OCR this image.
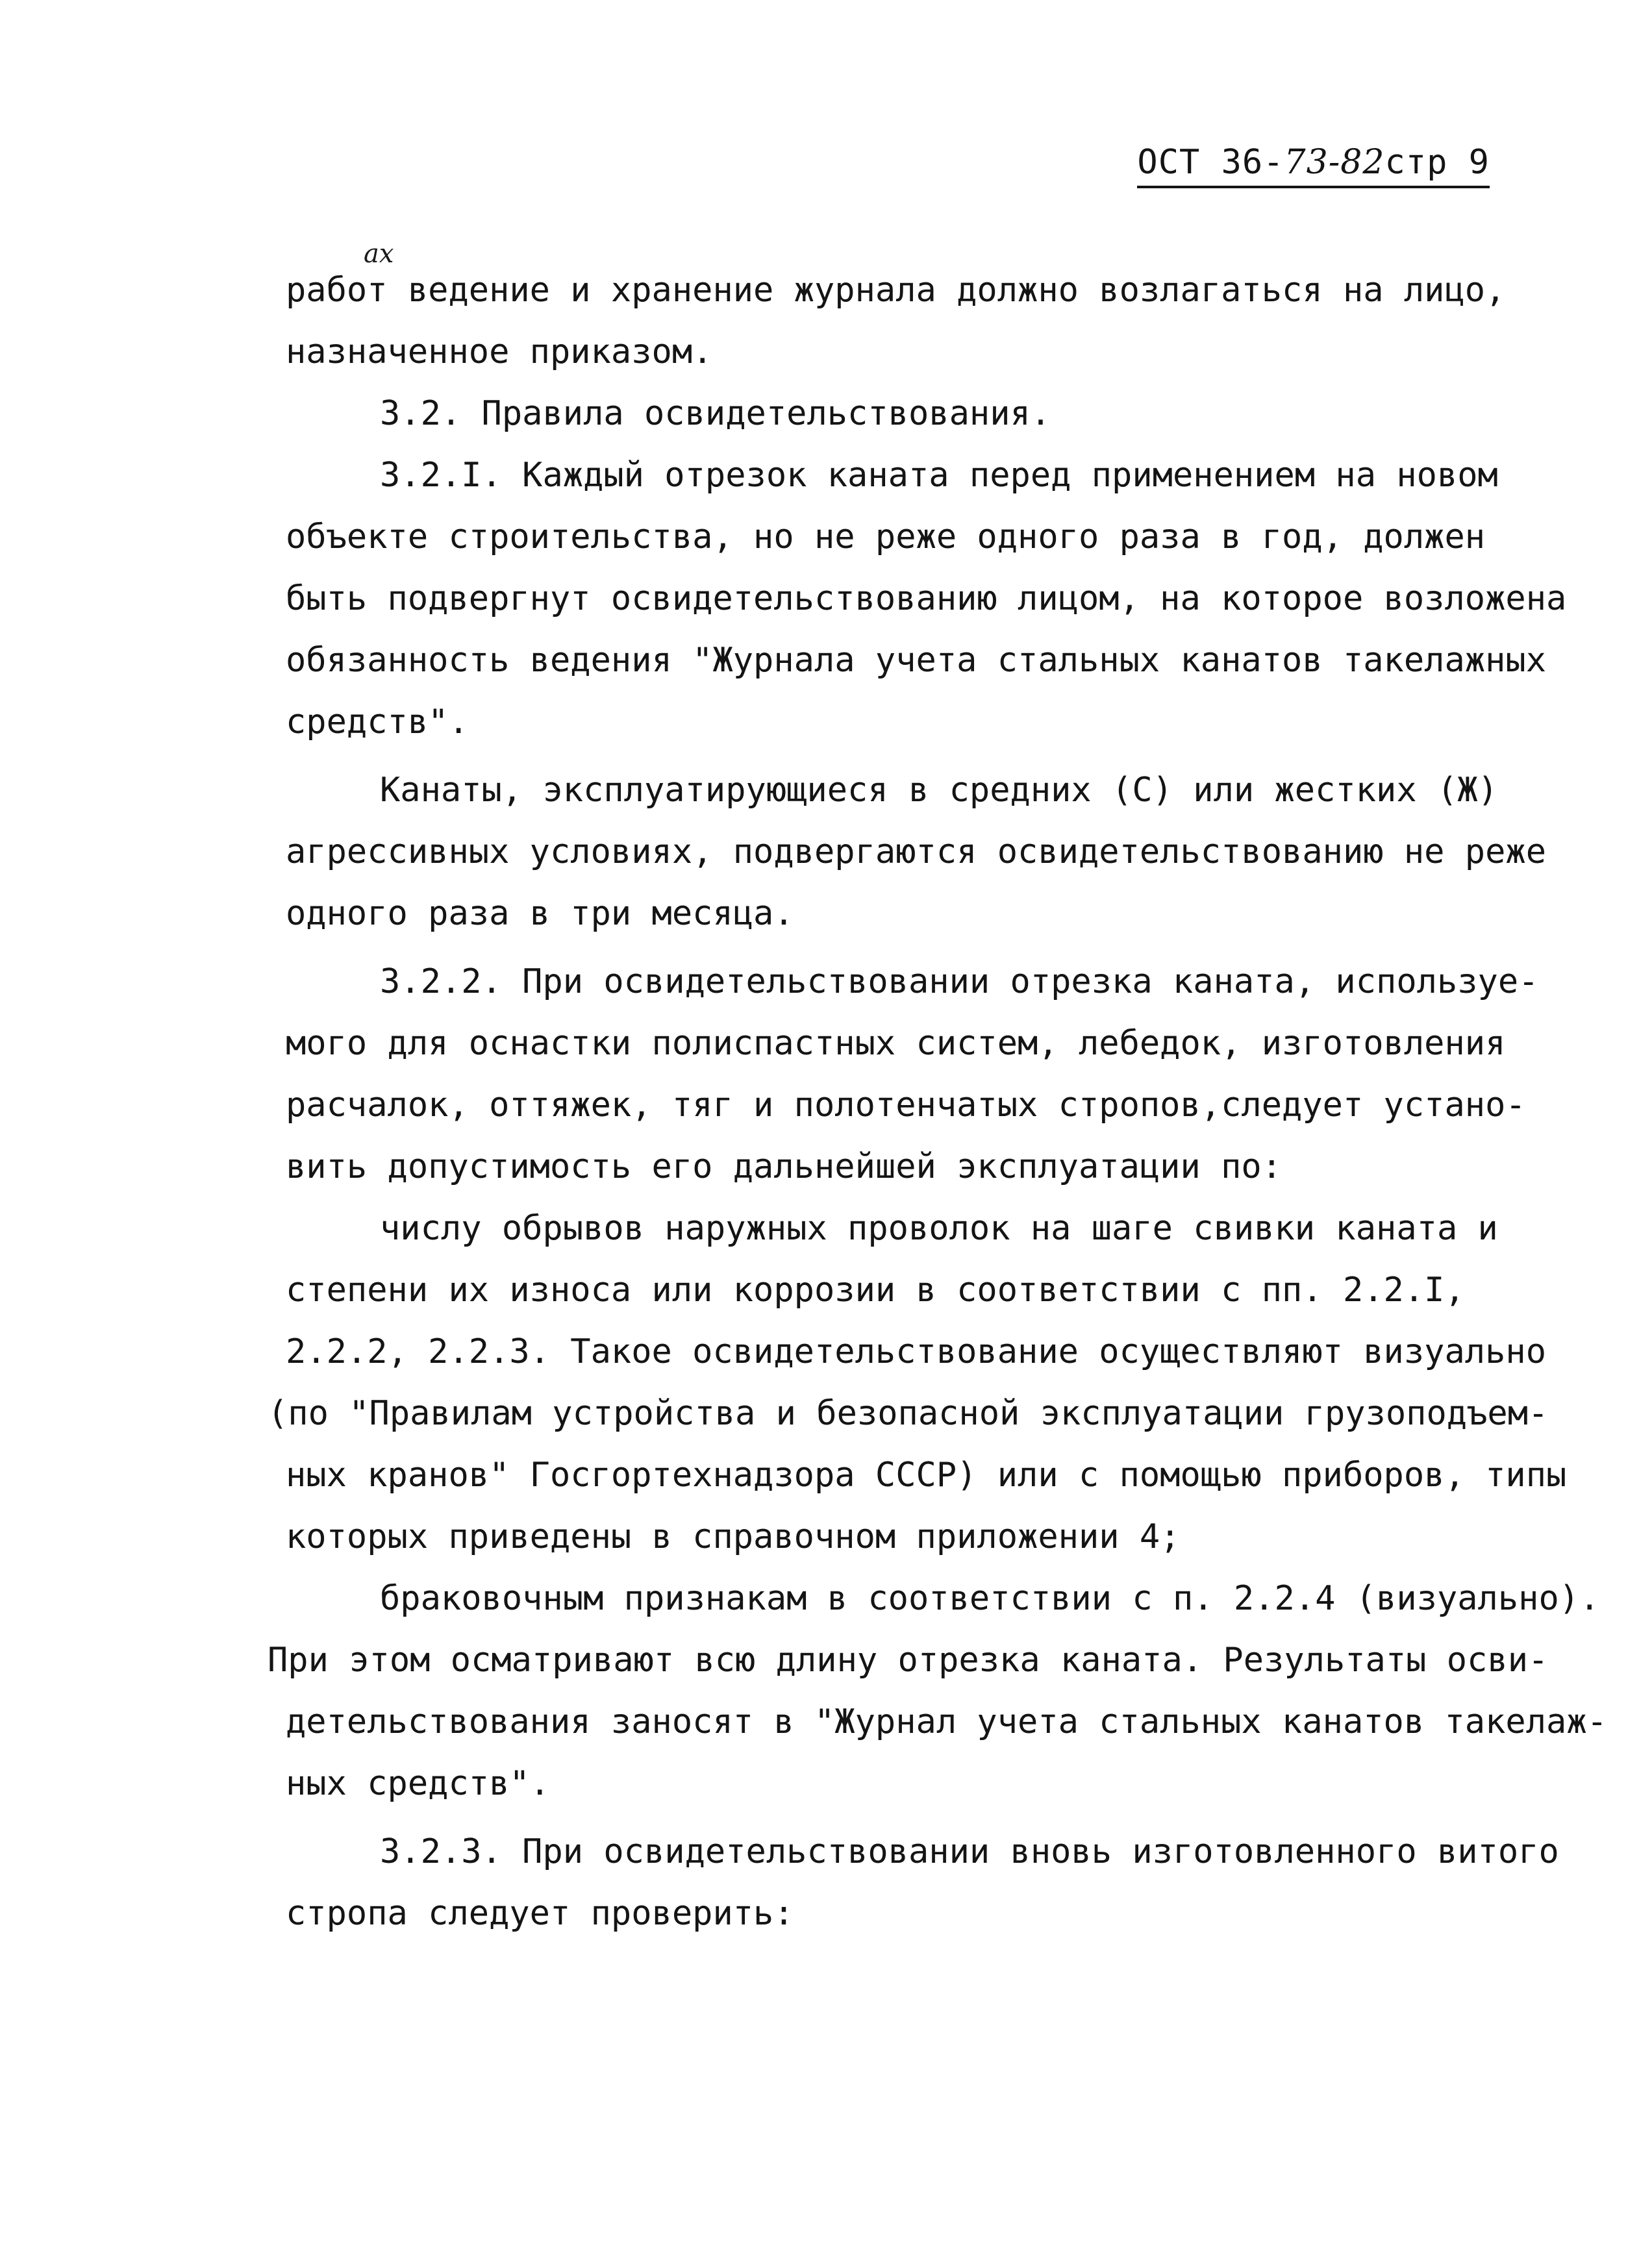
ОСТ 36-73-82стр 9
ах
работ ведение и хранение журнала должно возлагаться на лицо,
назначенное приказом.
3.2. Правила освидетельствования.
3.2.I. Каждый отрезок каната перед применением на новом
объекте строительства, но не реже одного раза в год, должен
быть подвергнут освидетельствованию лицом, на которое возложена
обязанность ведения "Журнала учета стальных канатов такелажных
средств".
Канаты, эксплуатирующиеся в средних (С) или жестких (Ж)
агрессивных условиях, подвергаются освидетельствованию не реже
одного раза в три месяца.
3.2.2. При освидетельствовании отрезка каната, используе-
мого для оснастки полиспастных систем, лебедок, изготовления
расчалок, оттяжек, тяг и полотенчатых стропов,следует устано-
вить допустимость его дальнейшей эксплуатации по:
числу обрывов наружных проволок на шаге свивки каната и
степени их износа или коррозии в соответствии с пп. 2.2.I,
2.2.2, 2.2.3. Такое освидетельствование осуществляют визуально
(по "Правилам устройства и безопасной эксплуатации грузоподъем-
ных кранов" Госгортехнадзора СССР) или с помощью приборов, типы
которых приведены в справочном приложении 4;
браковочным признакам в соответствии с п. 2.2.4 (визуально).
При этом осматривают всю длину отрезка каната. Результаты осви-
детельствования заносят в "Журнал учета стальных канатов такелаж-
ных средств".
3.2.3. При освидетельствовании вновь изготовленного витого
стропа следует проверить:
